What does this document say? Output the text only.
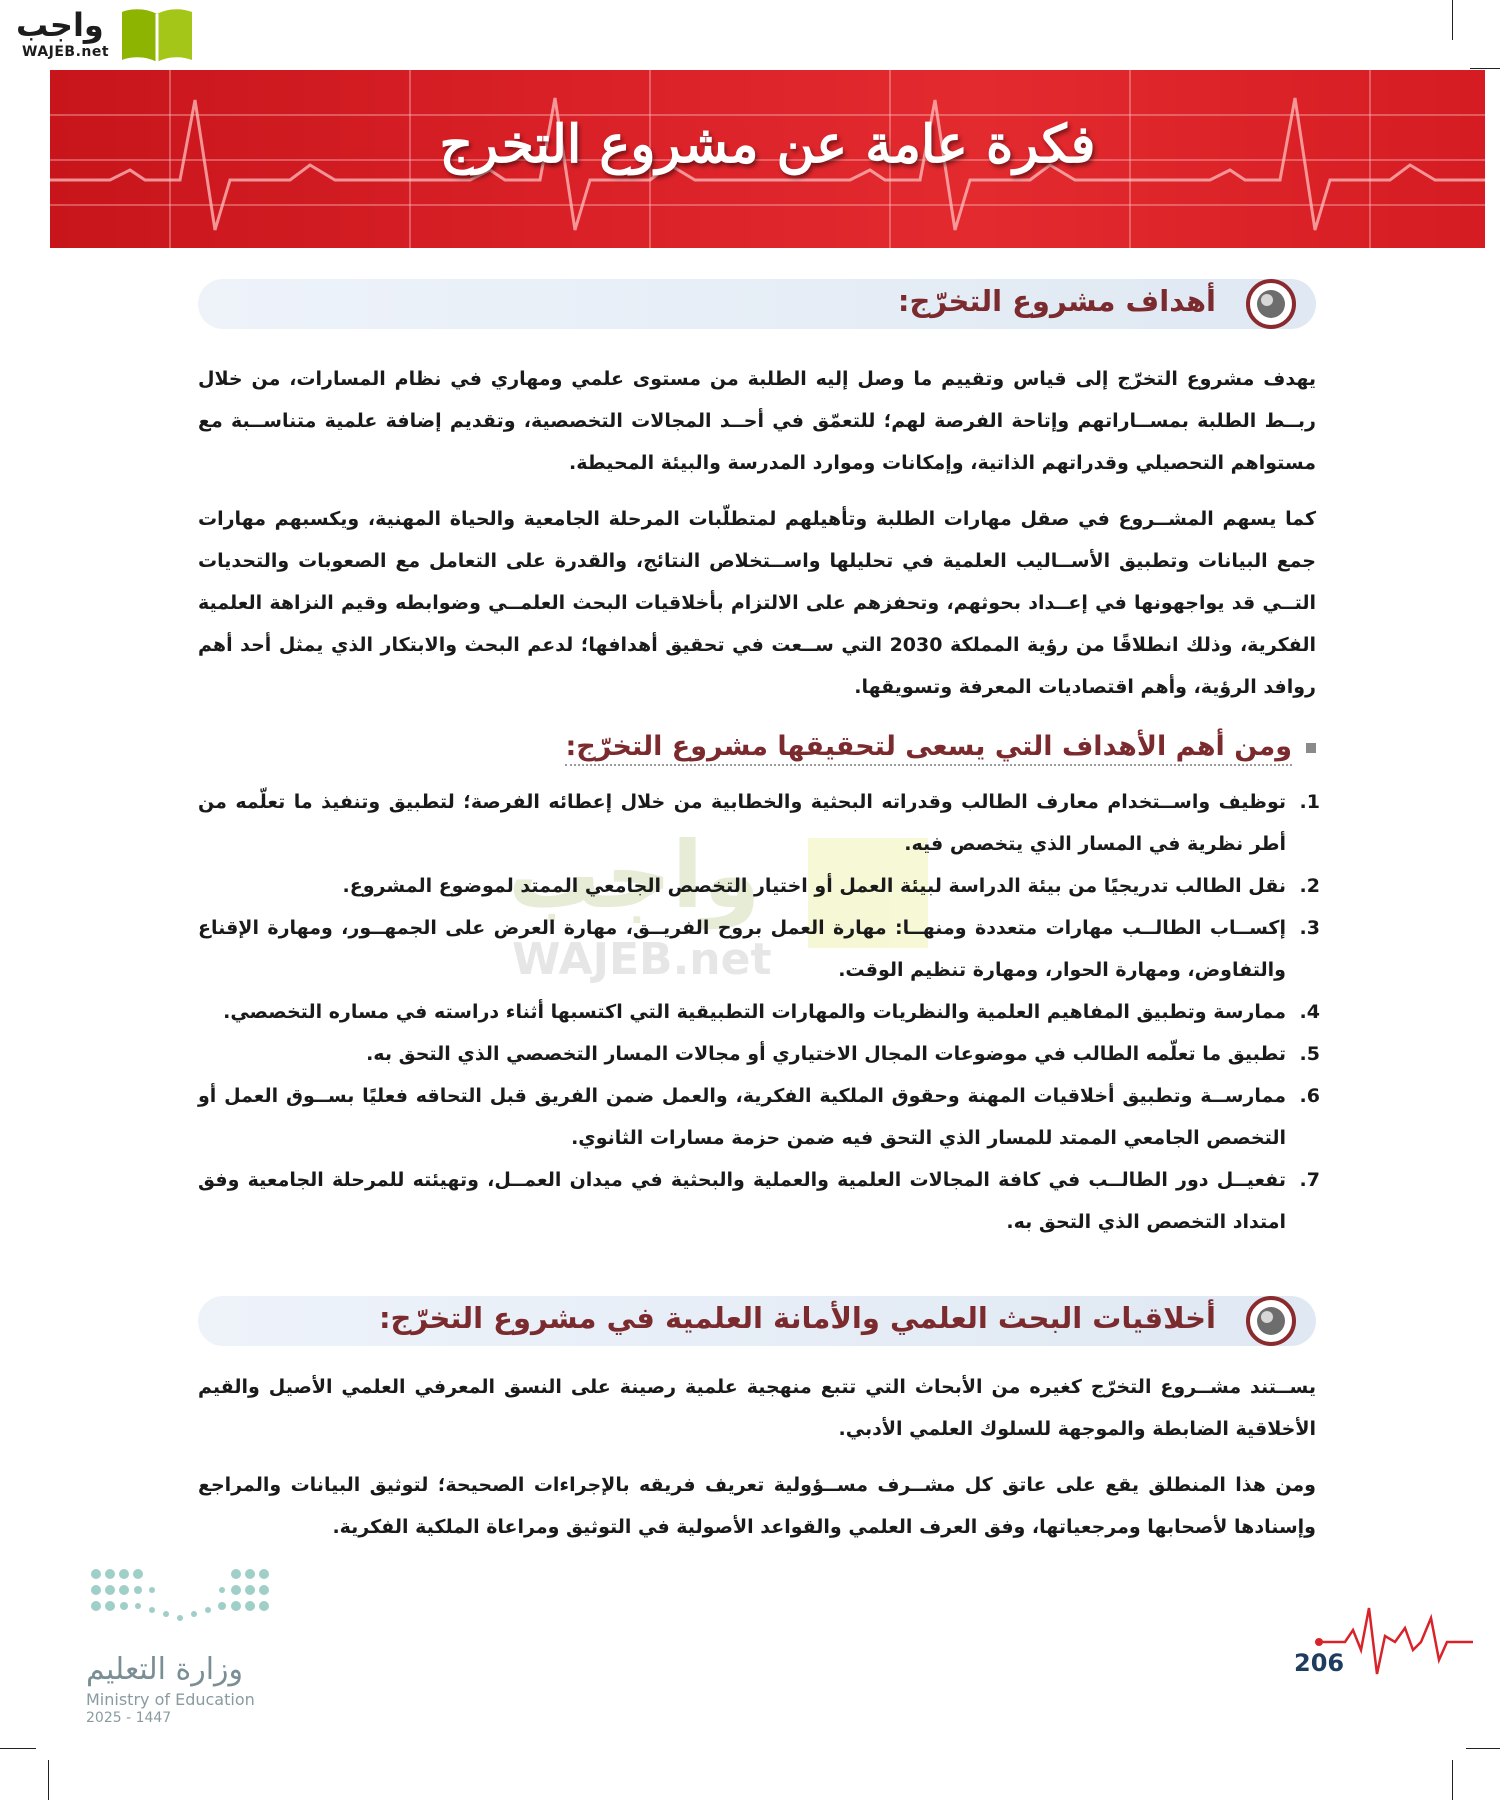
واجب
WAJEB.net
فكرة عامة عن مشروع التخرج
أهداف مشروع التخرّج:
يهدف مشروع التخرّج إلى قياس وتقييم ما وصل إليه الطلبة من مستوى علمي ومهاري في نظام المسارات، من خلال ربــط الطلبة بمســاراتهم وإتاحة الفرصة لهم؛ للتعمّق في أحــد المجالات التخصصية، وتقديم إضافة علمية متناســبة مع مستواهم التحصيلي وقدراتهم الذاتية، وإمكانات وموارد المدرسة والبيئة المحيطة.
كما يسهم المشــروع في صقل مهارات الطلبة وتأهيلهم لمتطلّبات المرحلة الجامعية والحياة المهنية، ويكسبهم مهارات جمع البيانات وتطبيق الأســاليب العلمية في تحليلها واســتخلاص النتائج، والقدرة على التعامل مع الصعوبات والتحديات التــي قد يواجهونها في إعــداد بحوثهم، وتحفزهم على الالتزام بأخلاقيات البحث العلمــي وضوابطه وقيم النزاهة العلمية الفكرية، وذلك انطلاقًا من رؤية المملكة 2030 التي ســعت في تحقيق أهدافها؛ لدعم البحث والابتكار الذي يمثل أحد أهم روافد الرؤية، وأهم اقتصاديات المعرفة وتسويقها.
ومن أهم الأهداف التي يسعى لتحقيقها مشروع التخرّج:
واجب
WAJEB.net
1.
توظيف واســتخدام معارف الطالب وقدراته البحثية والخطابية من خلال إعطائه الفرصة؛ لتطبيق وتنفيذ ما تعلّمه من أطر نظرية في المسار الذي يتخصص فيه.
2.
نقل الطالب تدريجيًا من بيئة الدراسة لبيئة العمل أو اختيار التخصص الجامعي الممتد لموضوع المشروع.
3.
إكســاب الطالــب مهارات متعددة ومنهــا: مهارة العمل بروح الفريــق، مهارة العرض على الجمهــور، ومهارة الإقناع والتفاوض، ومهارة الحوار، ومهارة تنظيم الوقت.
4.
ممارسة وتطبيق المفاهيم العلمية والنظريات والمهارات التطبيقية التي اكتسبها أثناء دراسته في مساره التخصصي.
5.
تطبيق ما تعلّمه الطالب في موضوعات المجال الاختياري أو مجالات المسار التخصصي الذي التحق به.
6.
ممارســة وتطبيق أخلاقيات المهنة وحقوق الملكية الفكرية، والعمل ضمن الفريق قبل التحاقه فعليًا بســوق العمل أو التخصص الجامعي الممتد للمسار الذي التحق فيه ضمن حزمة مسارات الثانوي.
7.
تفعيــل دور الطالــب في كافة المجالات العلمية والعملية والبحثية في ميدان العمــل، وتهيئته للمرحلة الجامعية وفق امتداد التخصص الذي التحق به.
أخلاقيات البحث العلمي والأمانة العلمية في مشروع التخرّج:
يســتند مشــروع التخرّج كغيره من الأبحاث التي تتبع منهجية علمية رصينة على النسق المعرفي العلمي الأصيل والقيم الأخلاقية الضابطة والموجهة للسلوك العلمي الأدبي.
ومن هذا المنطلق يقع على عاتق كل مشــرف مســؤولية تعريف فريقه بالإجراءات الصحيحة؛ لتوثيق البيانات والمراجع وإسنادها لأصحابها ومرجعياتها، وفق العرف العلمي والقواعد الأصولية في التوثيق ومراعاة الملكية الفكرية.
وزارة التعليم
Ministry of Education
2025 - 1447
206
